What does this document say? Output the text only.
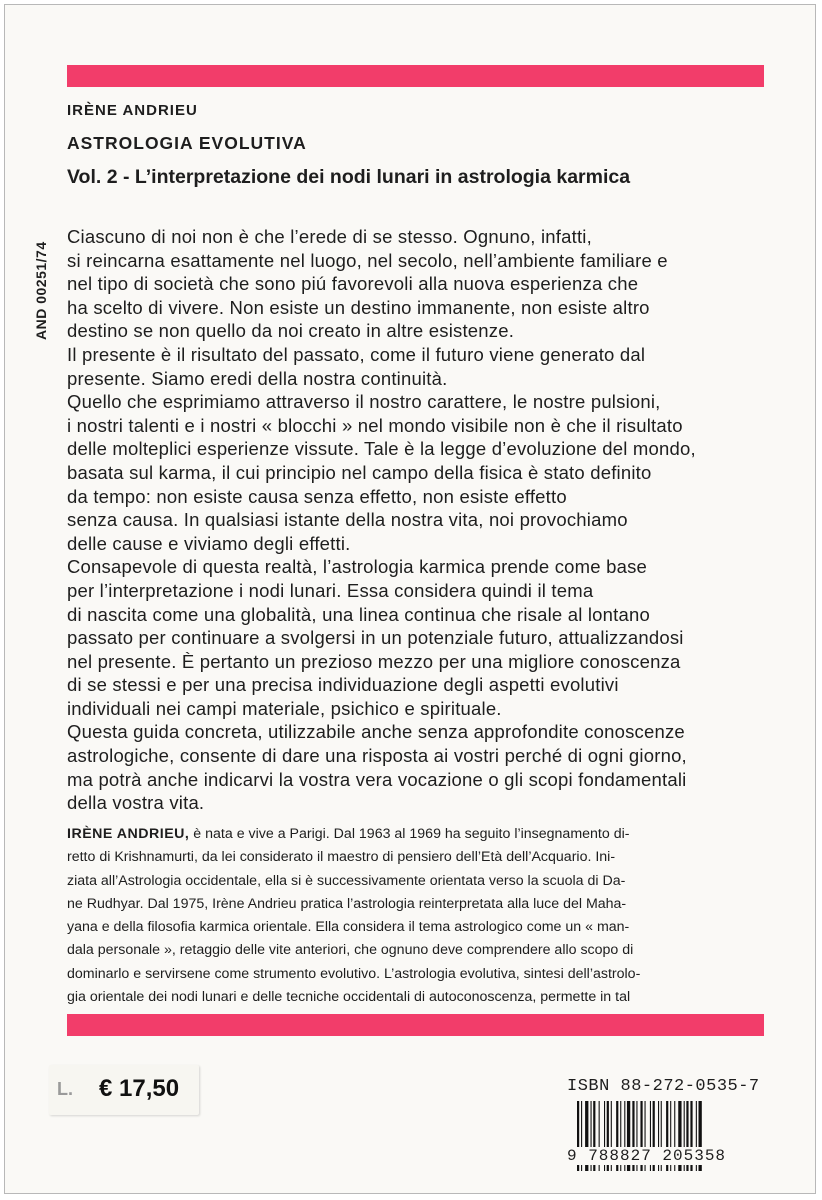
IRÈNE ANDRIEU
ASTROLOGIA EVOLUTIVA
Vol. 2 - L’interpretazione dei nodi lunari in astrologia karmica
AND 00251/74
Ciascuno di noi non è che l’erede di se stesso. Ognuno, infatti,
si reincarna esattamente nel luogo, nel secolo, nell’ambiente familiare e
nel tipo di società che sono piú favorevoli alla nuova esperienza che
ha scelto di vivere. Non esiste un destino immanente, non esiste altro
destino se non quello da noi creato in altre esistenze.
Il presente è il risultato del passato, come il futuro viene generato dal
presente. Siamo eredi della nostra continuità.
Quello che esprimiamo attraverso il nostro carattere, le nostre pulsioni,
i nostri talenti e i nostri « blocchi » nel mondo visibile non è che il risultato
delle molteplici esperienze vissute. Tale è la legge d’evoluzione del mondo,
basata sul karma, il cui principio nel campo della fisica è stato definito
da tempo: non esiste causa senza effetto, non esiste effetto
senza causa. In qualsiasi istante della nostra vita, noi provochiamo
delle cause e viviamo degli effetti.
Consapevole di questa realtà, l’astrologia karmica prende come base
per l’interpretazione i nodi lunari. Essa considera quindi il tema
di nascita come una globalità, una linea continua che risale al lontano
passato per continuare a svolgersi in un potenziale futuro, attualizzandosi
nel presente. È pertanto un prezioso mezzo per una migliore conoscenza
di se stessi e per una precisa individuazione degli aspetti evolutivi
individuali nei campi materiale, psichico e spirituale.
Questa guida concreta, utilizzabile anche senza approfondite conoscenze
astrologiche, consente di dare una risposta ai vostri perché di ogni giorno,
ma potrà anche indicarvi la vostra vera vocazione o gli scopi fondamentali
della vostra vita.
IRÈNE ANDRIEU, è nata e vive a Parigi. Dal 1963 al 1969 ha seguito l’insegnamento di-
retto di Krishnamurti, da lei considerato il maestro di pensiero dell’Età dell’Acquario. Ini-
ziata all’Astrologia occidentale, ella si è successivamente orientata verso la scuola di Da-
ne Rudhyar. Dal 1975, Irène Andrieu pratica l’astrologia reinterpretata alla luce del Maha-
yana e della filosofia karmica orientale. Ella considera il tema astrologico come un « man-
dala personale », retaggio delle vite anteriori, che ognuno deve comprendere allo scopo di
dominarlo e servirsene come strumento evolutivo. L’astrologia evolutiva, sintesi dell’astrolo-
gia orientale dei nodi lunari e delle tecniche occidentali di autoconoscenza, permette in tal
L. € 17,50	ISBN 88-272-0535-7
9 788827 205358
